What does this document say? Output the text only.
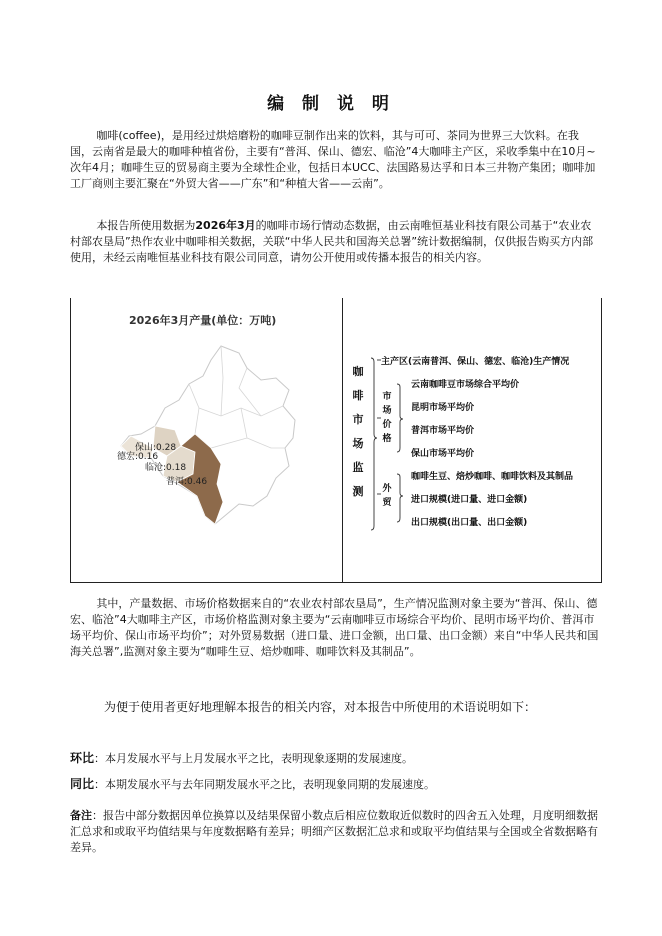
编 制 说 明
咖啡(coffee)，是用经过烘焙磨粉的咖啡豆制作出来的饮料，其与可可、茶同为世界三大饮料。在我国，云南省是最大的咖啡种植省份，主要有“普洱、保山、德宏、临沧”4大咖啡主产区，采收季集中在10月~次年4月；咖啡生豆的贸易商主要为全球性企业，包括日本UCC、法国路易达孚和日本三井物产集团；咖啡加工厂商则主要汇聚在“外贸大省——广东”和“种植大省——云南”。
本报告所使用数据为2026年3月的咖啡市场行情动态数据，由云南唯恒基业科技有限公司基于“农业农村部农垦局”热作农业中咖啡相关数据，关联“中华人民共和国海关总署”统计数据编制，仅供报告购买方内部使用，未经云南唯恒基业科技有限公司同意，请勿公开使用或传播本报告的相关内容。
2026年3月产量(单位：万吨)
保山:0.28
德宏:0.16
临沧:0.18
普洱:0.46
咖
啡
市
场
监
测
主产区(云南普洱、保山、德宏、临沧)生产情况
市
场
价
格
云南咖啡豆市场综合平均价
昆明市场平均价
普洱市场平均价
保山市场平均价
外
贸
咖啡生豆、焙炒咖啡、咖啡饮料及其制品
进口规模(进口量、进口金额)
出口规模(出口量、出口金额)
其中，产量数据、市场价格数据来自的“农业农村部农垦局”，生产情况监测对象主要为“普洱、保山、德宏、临沧”4大咖啡主产区，市场价格监测对象主要为“云南咖啡豆市场综合平均价、昆明市场平均价、普洱市场平均价、保山市场平均价”；对外贸易数据（进口量、进口金额，出口量、出口金额）来自“中华人民共和国海关总署”,监测对象主要为“咖啡生豆、焙炒咖啡、咖啡饮料及其制品”。
为便于使用者更好地理解本报告的相关内容，对本报告中所使用的术语说明如下：
环比：本月发展水平与上月发展水平之比，表明现象逐期的发展速度。
同比：本期发展水平与去年同期发展水平之比，表明现象同期的发展速度。
备注：报告中部分数据因单位换算以及结果保留小数点后相应位数取近似数时的四舍五入处理，月度明细数据汇总求和或取平均值结果与年度数据略有差异；明细产区数据汇总求和或取平均值结果与全国或全省数据略有差异。
